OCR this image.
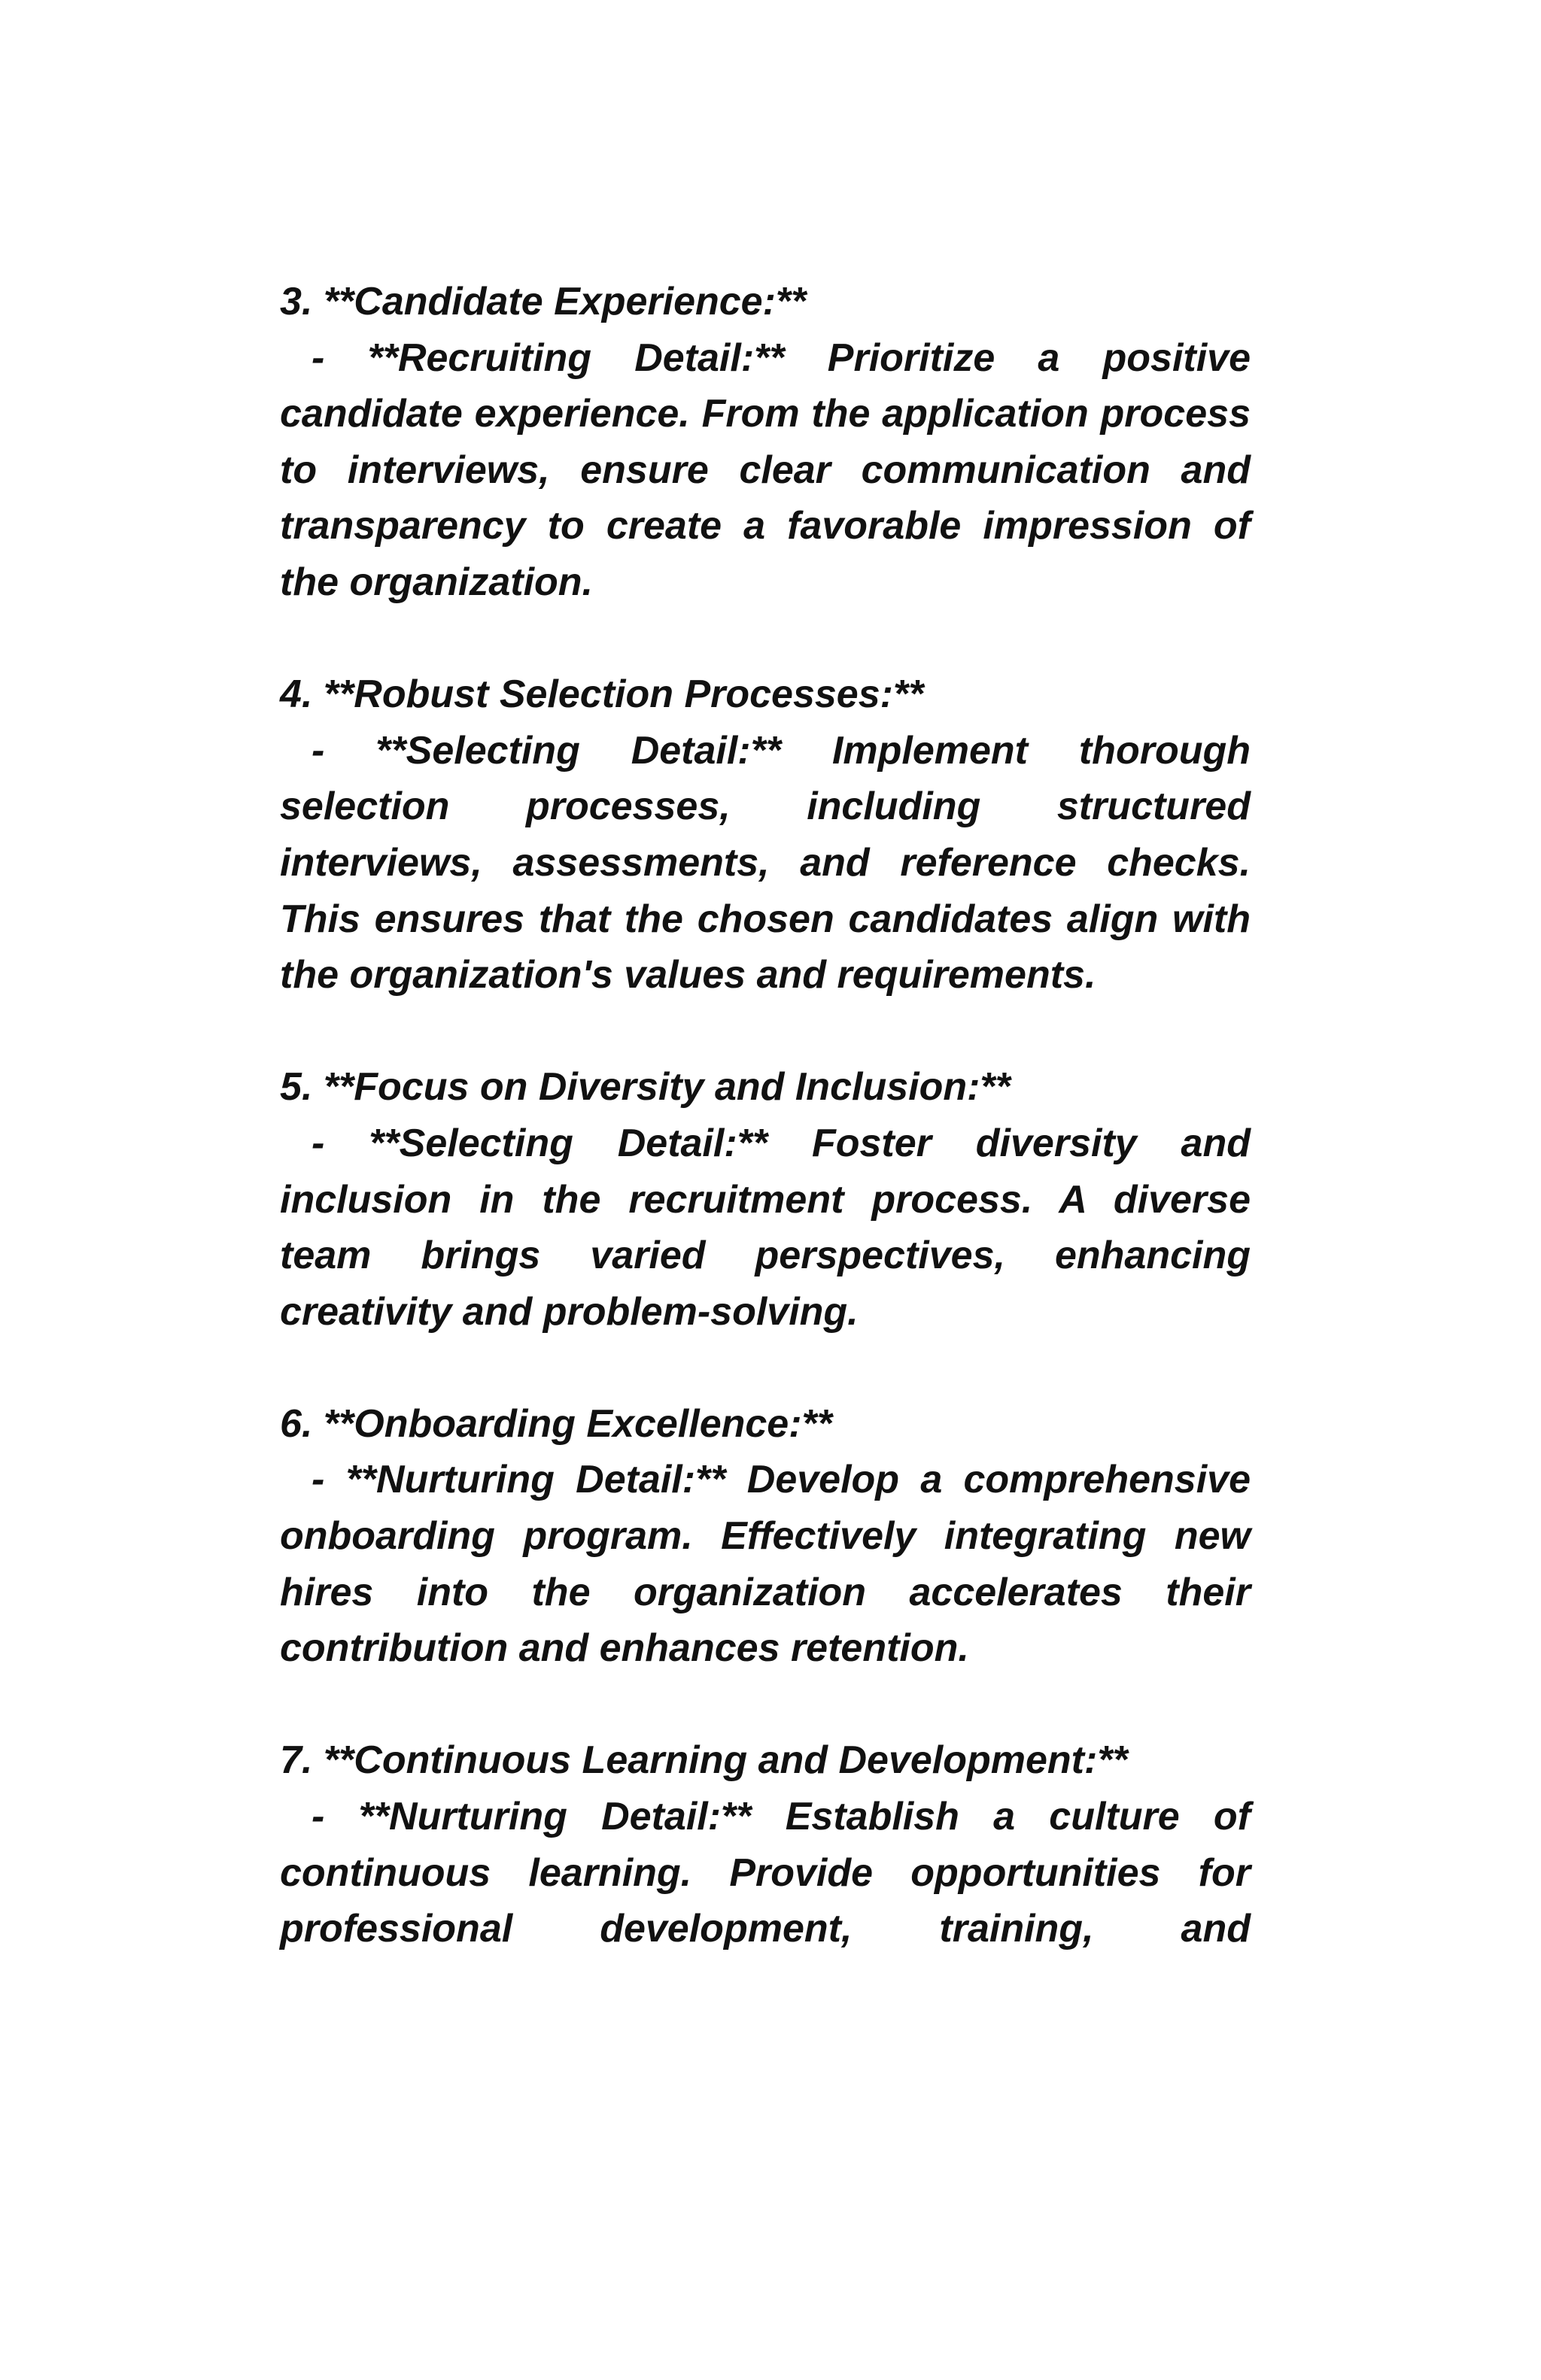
3. **Candidate Experience:**
- **Recruiting Detail:** Prioritize a positive candidate experience. From the application process to interviews, ensure clear communication and transparency to create a favorable impression of the organization.
4. **Robust Selection Processes:**
- **Selecting Detail:** Implement thorough selection processes, including structured interviews, assessments, and reference checks. This ensures that the chosen candidates align with the organization's values and requirements.
5. **Focus on Diversity and Inclusion:**
- **Selecting Detail:** Foster diversity and inclusion in the recruitment process. A diverse team brings varied perspectives, enhancing creativity and problem-solving.
6. **Onboarding Excellence:**
- **Nurturing Detail:** Develop a comprehensive onboarding program. Effectively integrating new hires into the organization accelerates their contribution and enhances retention.
7. **Continuous Learning and Development:**
- **Nurturing Detail:** Establish a culture of continuous learning. Provide opportunities for professional development, training, and
